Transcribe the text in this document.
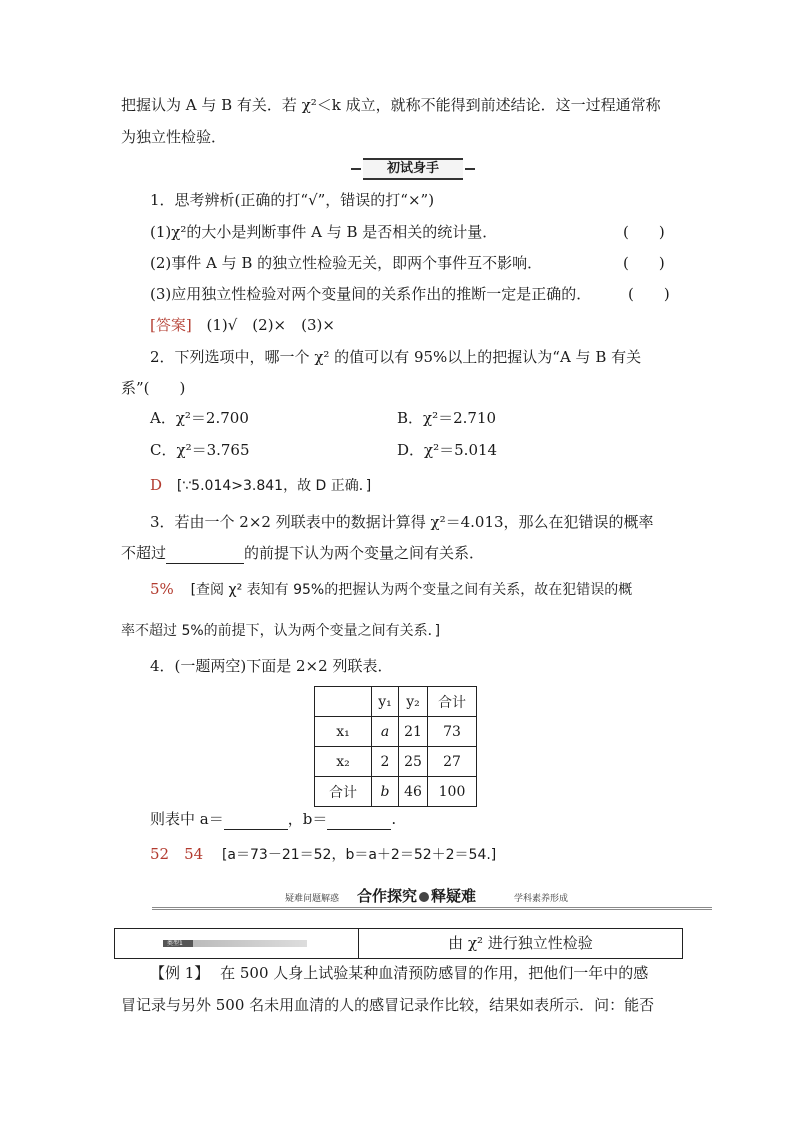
把握认为 A 与 B 有关．若 χ²＜k 成立，就称不能得到前述结论．这一过程通常称
为独立性检验．
初试身手
1．思考辨析(正确的打“√”，错误的打“×”)
(1)χ²的大小是判断事件 A 与 B 是否相关的统计量．	(　　)
(2)事件 A 与 B 的独立性检验无关，即两个事件互不影响．	(　　)
(3)应用独立性检验对两个变量间的关系作出的推断一定是正确的． (　　)
[答案] (1)√　(2)×　(3)×
2．下列选项中，哪一个 χ² 的值可以有 95%以上的把握认为“A 与 B 有关
系”(　　)
A．χ²＝2.700	B．χ²＝2.710
C．χ²＝3.765	D．χ²＝5.014
D [∵5.014>3.841，故 D 正确．]
3．若由一个 2×2 列联表中的数据计算得 χ²＝4.013，那么在犯错误的概率
不超过	的前提下认为两个变量之间有关系．
5% [查阅 χ² 表知有 95%的把握认为两个变量之间有关系，故在犯错误的概
率不超过 5%的前提下，认为两个变量之间有关系．]
4．(一题两空)下面是 2×2 列联表．
	y₁	y₂	合计
x₁	a	21	73
x₂	2	25	27
合计	b	46	100
则表中 a＝	，b＝	.
52　54 [a＝73－21＝52，b＝a＋2＝52＋2＝54.]
疑难问题解惑 合作探究 释疑难	学科素养形成
类型1	由 χ² 进行独立性检验
【例 1】 在 500 人身上试验某种血清预防感冒的作用，把他们一年中的感
冒记录与另外 500 名未用血清的人的感冒记录作比较，结果如表所示．问：能否
